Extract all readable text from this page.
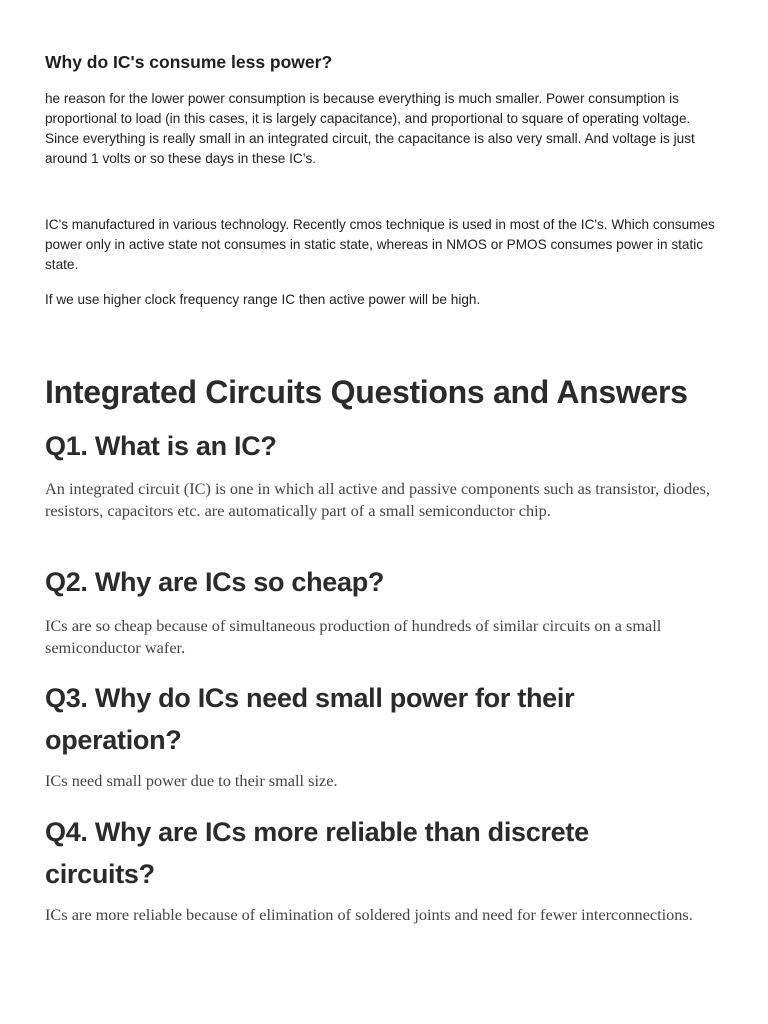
Why do IC's consume less power?

he reason for the lower power consumption is because everything is much smaller. Power consumption is proportional to load (in this cases, it is largely capacitance), and proportional to square of operating voltage. Since everything is really small in an integrated circuit, the capacitance is also very small. And voltage is just around 1 volts or so these days in these IC’s.

IC's manufactured in various technology. Recently cmos technique is used in most of the IC's. Which consumes power only in active state not consumes in static state, whereas in NMOS or PMOS consumes power in static state.

If we use higher clock frequency range IC then active power will be high.

Integrated Circuits Questions and Answers
Q1. What is an IC?

An integrated circuit (IC) is one in which all active and passive components such as transistor, diodes, resistors, capacitors etc. are automatically part of a small semiconductor chip.

Q2. Why are ICs so cheap?

ICs are so cheap because of simultaneous production of hundreds of similar circuits on a small semiconductor wafer.

Q3. Why do ICs need small power for their operation?

ICs need small power due to their small size.

Q4. Why are ICs more reliable than discrete circuits?

ICs are more reliable because of elimination of soldered joints and need for fewer interconnections.
